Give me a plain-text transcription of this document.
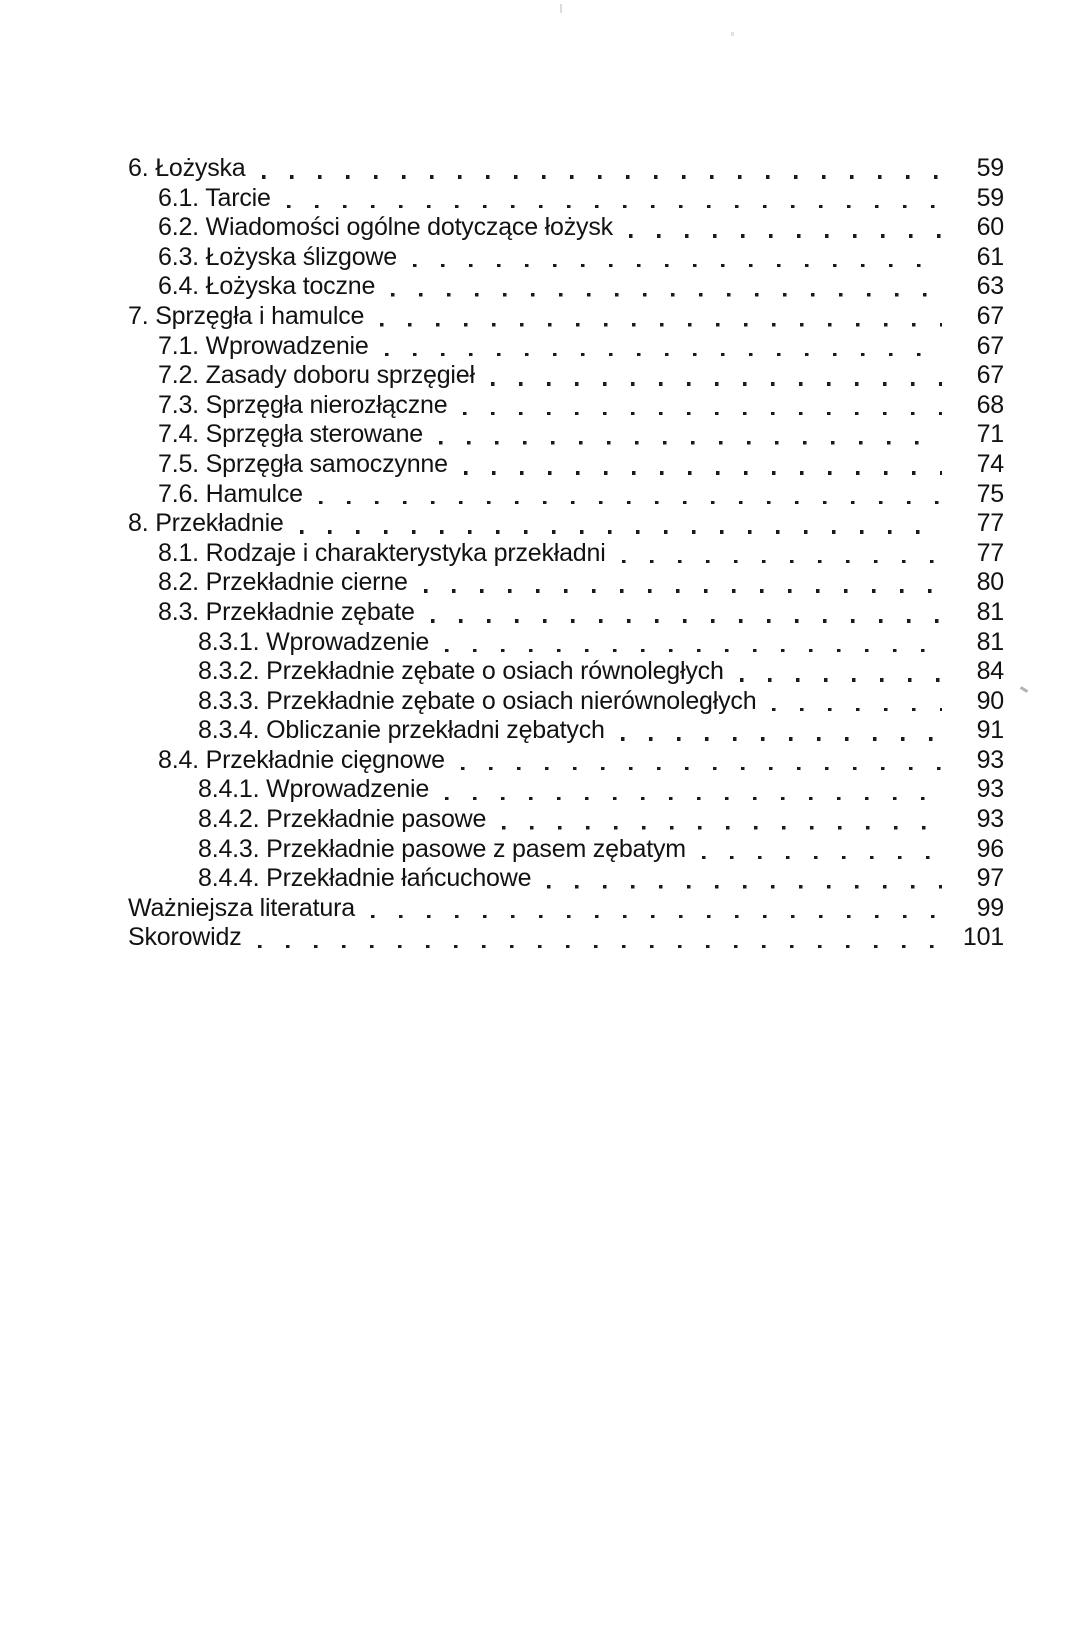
6. Łożyska	59
6.1. Tarcie	59
6.2. Wiadomości ogólne dotyczące łożysk	60
6.3. Łożyska ślizgowe	61
6.4. Łożyska toczne	63
7. Sprzęgła i hamulce	67
7.1. Wprowadzenie	67
7.2. Zasady doboru sprzęgieł	67
7.3. Sprzęgła nierozłączne	68
7.4. Sprzęgła sterowane	71
7.5. Sprzęgła samoczynne	74
7.6. Hamulce	75
8. Przekładnie	77
8.1. Rodzaje i charakterystyka przekładni	77
8.2. Przekładnie cierne	80
8.3. Przekładnie zębate	81
8.3.1. Wprowadzenie	81
8.3.2. Przekładnie zębate o osiach równoległych	84
8.3.3. Przekładnie zębate o osiach nierównoległych	90
8.3.4. Obliczanie przekładni zębatych	91
8.4. Przekładnie cięgnowe	93
8.4.1. Wprowadzenie	93
8.4.2. Przekładnie pasowe	93
8.4.3. Przekładnie pasowe z pasem zębatym	96
8.4.4. Przekładnie łańcuchowe	97
Ważniejsza literatura	99
Skorowidz	101
